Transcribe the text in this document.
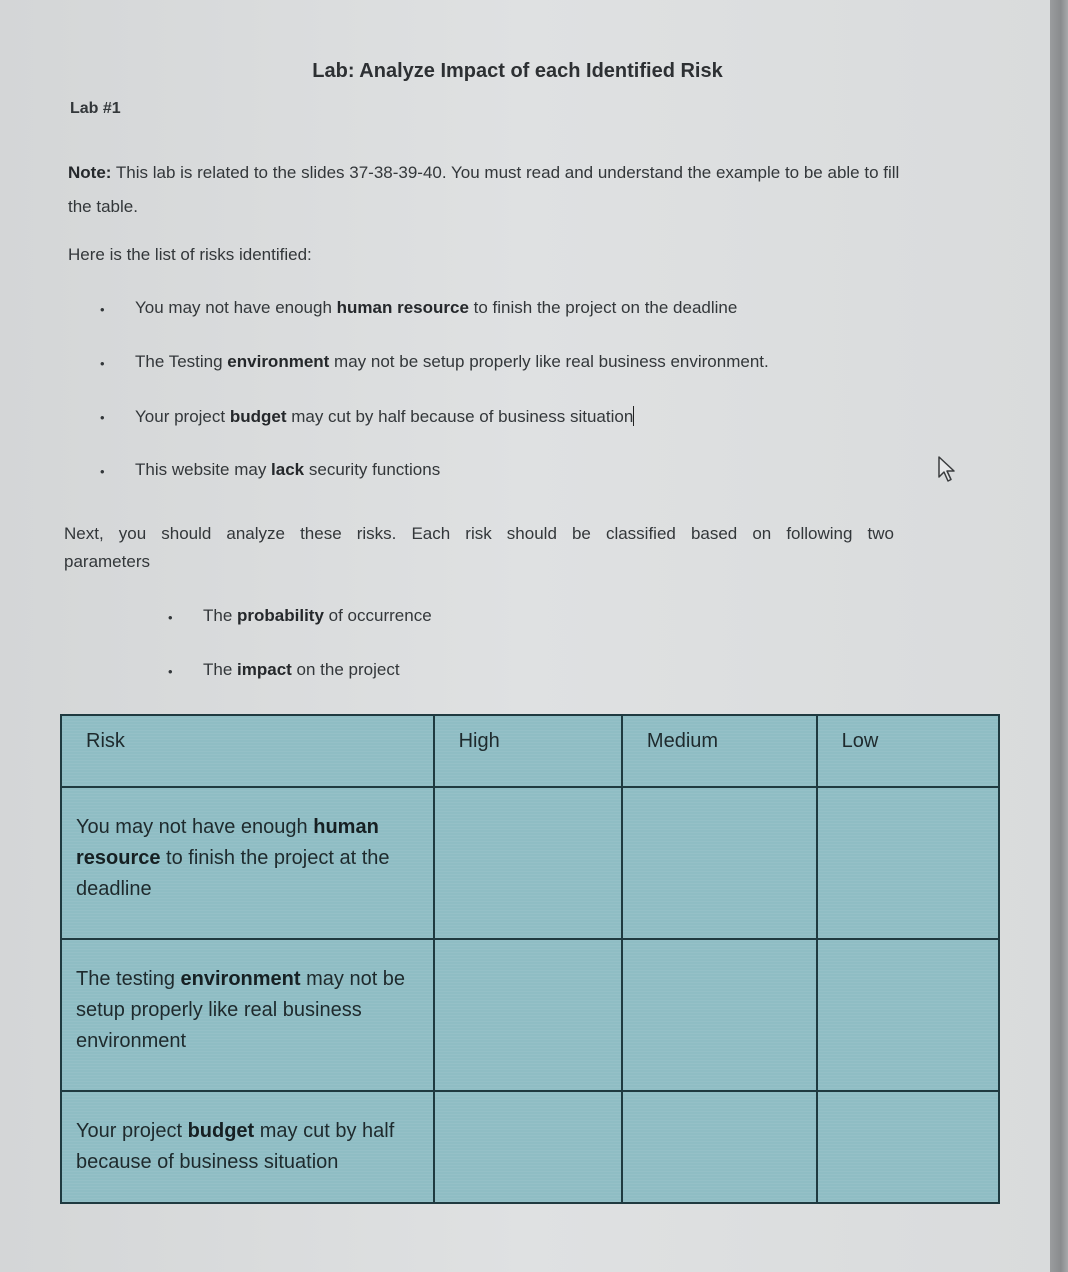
Lab: Analyze Impact of each Identified Risk
Lab #1
Note: This lab is related to the slides 37-38-39-40. You must read and understand the example to be able to fill the table.
Here is the list of risks identified:
• You may not have enough human resource to finish the project on the deadline
• The Testing environment may not be setup properly like real business environment.
• Your project budget may cut by half because of business situation
• This website may lack security functions
Next, you should analyze these risks. Each risk should be classified based on following two
parameters
• The probability of occurrence
• The impact on the project
Risk	High	Medium	Low

You may not have enough human resource to finish the project at the deadline			

The testing environment may not be setup properly like real business environment			

Your project budget may cut by half because of business situation			
